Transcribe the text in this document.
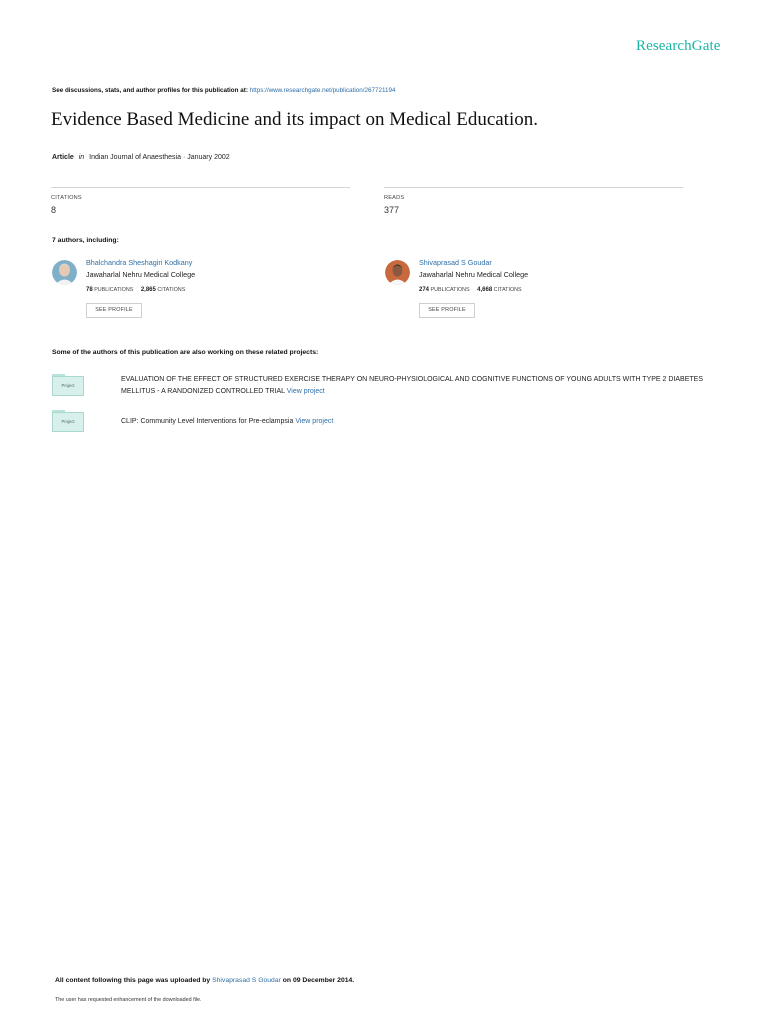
ResearchGate
See discussions, stats, and author profiles for this publication at: https://www.researchgate.net/publication/267721194
Evidence Based Medicine and its impact on Medical Education.
Article in Indian Journal of Anaesthesia · January 2002
CITATIONS
8
READS
377
7 authors, including:
Bhalchandra Sheshagiri Kodkany
Jawaharlal Nehru Medical College
78 PUBLICATIONS 2,865 CITATIONS
SEE PROFILE
Shivaprasad S Goudar
Jawaharlal Nehru Medical College
274 PUBLICATIONS 4,668 CITATIONS
SEE PROFILE
Some of the authors of this publication are also working on these related projects:
Project
EVALUATION OF THE EFFECT OF STRUCTURED EXERCISE THERAPY ON NEURO-PHYSIOLOGICAL AND COGNITIVE FUNCTIONS OF YOUNG ADULTS WITH TYPE 2 DIABETES MELLITUS - A RANDONIZED CONTROLLED TRIAL View project
Project	CLIP: Community Level Interventions for Pre-eclampsia View project
All content following this page was uploaded by Shivaprasad S Goudar on 09 December 2014.
The user has requested enhancement of the downloaded file.
